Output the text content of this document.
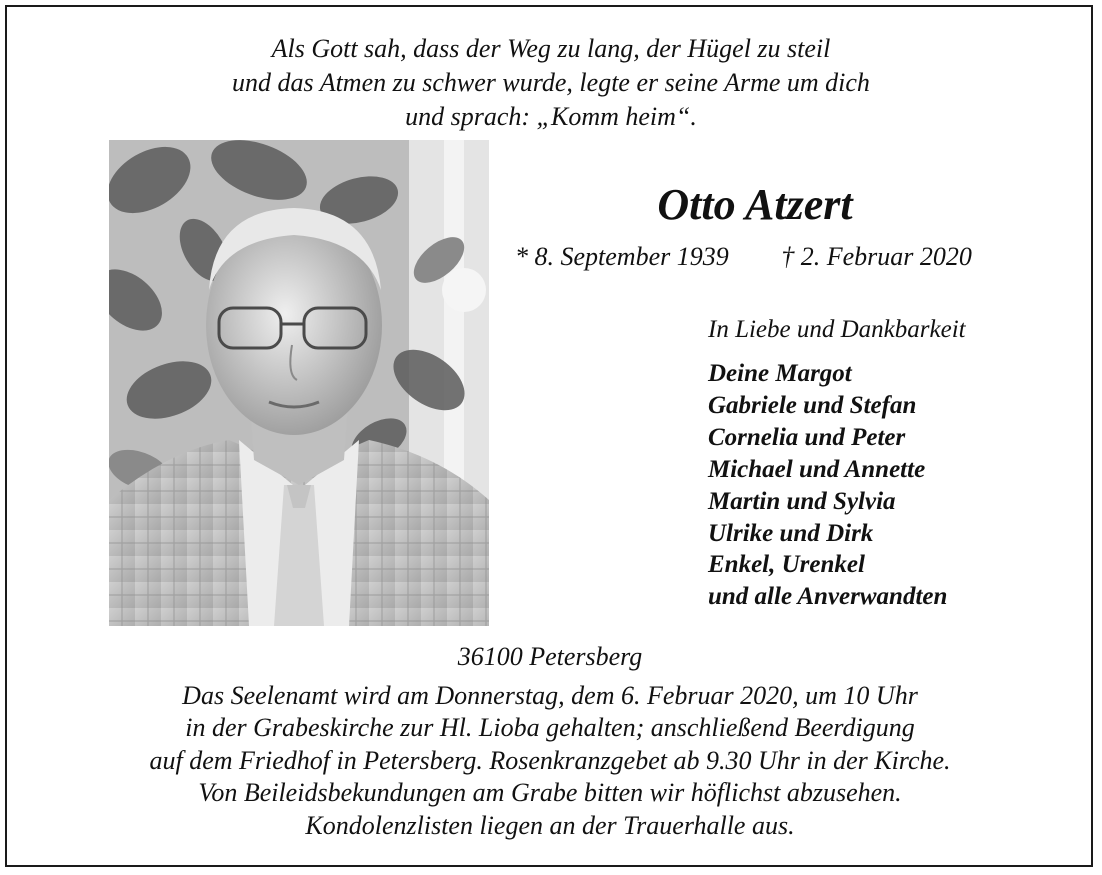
Als Gott sah, dass der Weg zu lang, der Hügel zu steil
und das Atmen zu schwer wurde, legte er seine Arme um dich
und sprach: „Komm heim“.
Otto Atzert
* 8. September 1939 † 2. Februar 2020
In Liebe und Dankbarkeit
Deine Margot
Gabriele und Stefan
Cornelia und Peter
Michael und Annette
Martin und Sylvia
Ulrike und Dirk
Enkel, Urenkel
und alle Anverwandten
36100 Petersberg
Das Seelenamt wird am Donnerstag, dem 6. Februar 2020, um 10 Uhr
in der Grabeskirche zur Hl. Lioba gehalten; anschließend Beerdigung
auf dem Friedhof in Petersberg. Rosenkranzgebet ab 9.30 Uhr in der Kirche.
Von Beileidsbekundungen am Grabe bitten wir höflichst abzusehen.
Kondolenzlisten liegen an der Trauerhalle aus.
